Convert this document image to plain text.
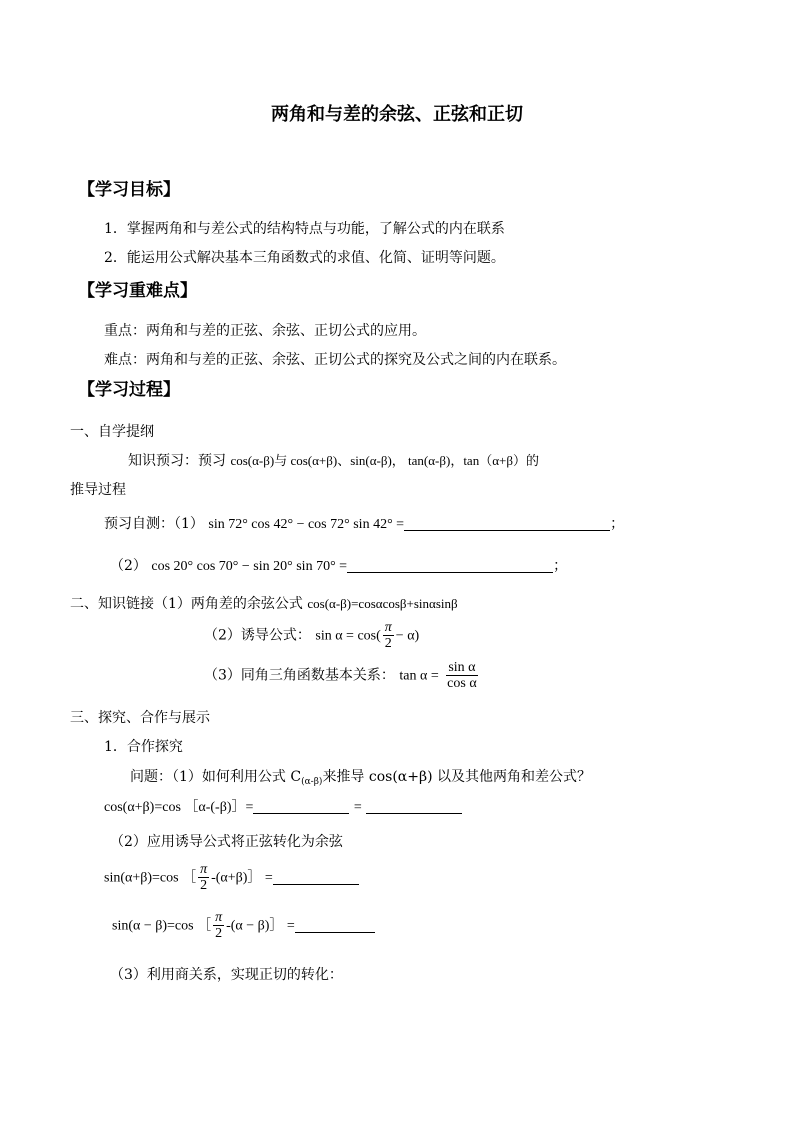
两角和与差的余弦、正弦和正切
【学习目标】
1．掌握两角和与差公式的结构特点与功能，了解公式的内在联系
2．能运用公式解决基本三角函数式的求值、化简、证明等问题。
【学习重难点】
重点：两角和与差的正弦、余弦、正切公式的应用。
难点：两角和与差的正弦、余弦、正切公式的探究及公式之间的内在联系。
【学习过程】
一、自学提纲
知识预习：预习 cos(α-β)与 cos(α+β)、sin(α-β)， tan(α-β)，tan（α+β）的
推导过程
预习自测：（1） sin 72° cos 42° − cos 72° sin 42° =	；
（2） cos 20° cos 70° − sin 20° sin 70° =	；
二、知识链接（1）两角差的余弦公式 cos(α-β)=cosαcosβ+sinαsinβ
（2）诱导公式： $\sin \alpha = \cos( \frac{\pi}{2} - \alpha)$
（3）同角三角函数基本关系： $\tan \alpha = \frac{\text{sin α}}{\text{cos α}}$
三、探究、合作与展示
1．合作探究
问题：（1）如何利用公式 $C_{(\alpha-\beta)}$来推导 cos(α+β) 以及其他两角和差公式？
cos(α+β)=cos ［α-(-β)］=	=
（2）应用诱导公式将正弦转化为余弦
sin(α+β)=cos ［ $\frac{\pi}{2}$ -(α+β)］ =
sin(α − β)=cos ［ $\frac{\pi}{2} -(\alpha$ − β)］ =
（3）利用商关系，实现正切的转化：
